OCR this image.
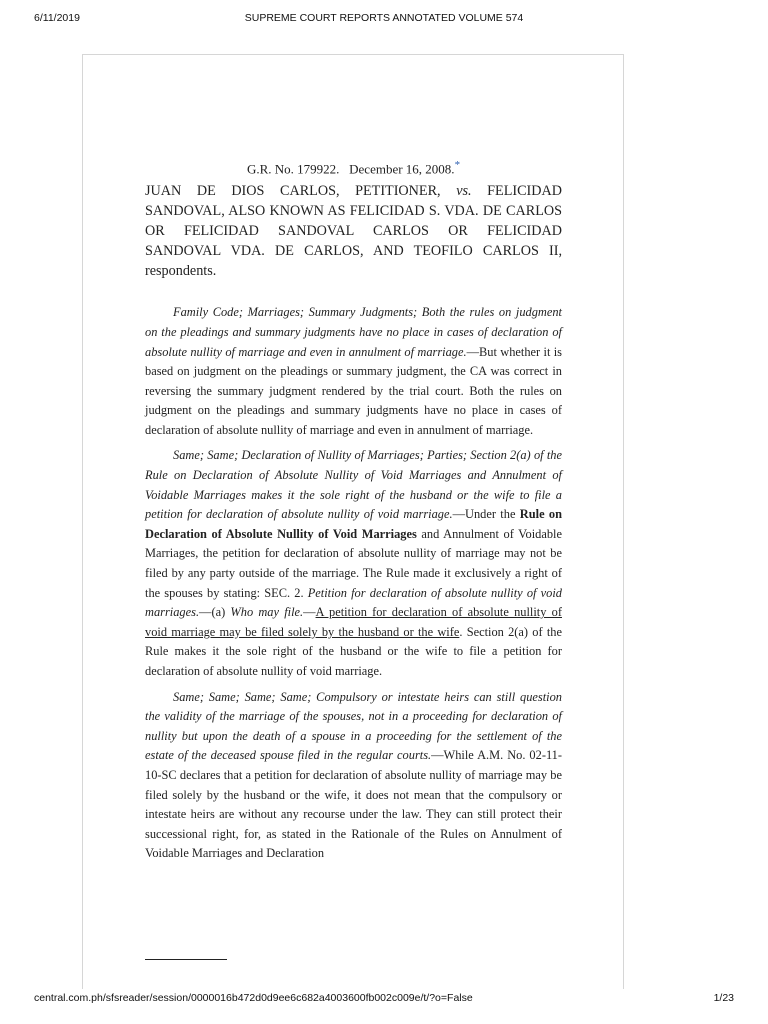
6/11/2019	SUPREME COURT REPORTS ANNOTATED VOLUME 574

G.R. No. 179922. December 16, 2008.*

JUAN DE DIOS CARLOS, PETITIONER, vs. FELICIDAD SANDOVAL, ALSO KNOWN AS FELICIDAD S. VDA. DE CARLOS OR FELICIDAD SANDOVAL CARLOS OR FELICIDAD SANDOVAL VDA. DE CARLOS, AND TEOFILO CARLOS II, respondents.

Family Code; Marriages; Summary Judgments; Both the rules on judgment on the pleadings and summary judgments have no place in cases of declaration of absolute nullity of marriage and even in annulment of marriage.—But whether it is based on judgment on the pleadings or summary judgment, the CA was correct in reversing the summary judgment rendered by the trial court. Both the rules on judgment on the pleadings and summary judgments have no place in cases of declaration of absolute nullity of marriage and even in annulment of marriage.

Same; Same; Declaration of Nullity of Marriages; Parties; Section 2(a) of the Rule on Declaration of Absolute Nullity of Void Marriages and Annulment of Voidable Marriages makes it the sole right of the husband or the wife to file a petition for declaration of absolute nullity of void marriage.—Under the Rule on Declaration of Absolute Nullity of Void Marriages and Annulment of Voidable Marriages, the petition for declaration of absolute nullity of marriage may not be filed by any party outside of the marriage. The Rule made it exclusively a right of the spouses by stating: SEC. 2. Petition for declaration of absolute nullity of void marriages.—(a) Who may file.—A petition for declaration of absolute nullity of void marriage may be filed solely by the husband or the wife. Section 2(a) of the Rule makes it the sole right of the husband or the wife to file a petition for declaration of absolute nullity of void marriage.

Same; Same; Same; Same; Compulsory or intestate heirs can still question the validity of the marriage of the spouses, not in a proceeding for declaration of nullity but upon the death of a spouse in a proceeding for the settlement of the estate of the deceased spouse filed in the regular courts.—While A.M. No. 02-11-10-SC declares that a petition for declaration of absolute nullity of marriage may be filed solely by the husband or the wife, it does not mean that the compulsory or intestate heirs are without any recourse under the law. They can still protect their successional right, for, as stated in the Rationale of the Rules on Annulment of Voidable Marriages and Declaration

central.com.ph/sfsreader/session/0000016b472d0d9ee6c682a4003600fb002c009e/t/?o=False	1/23
